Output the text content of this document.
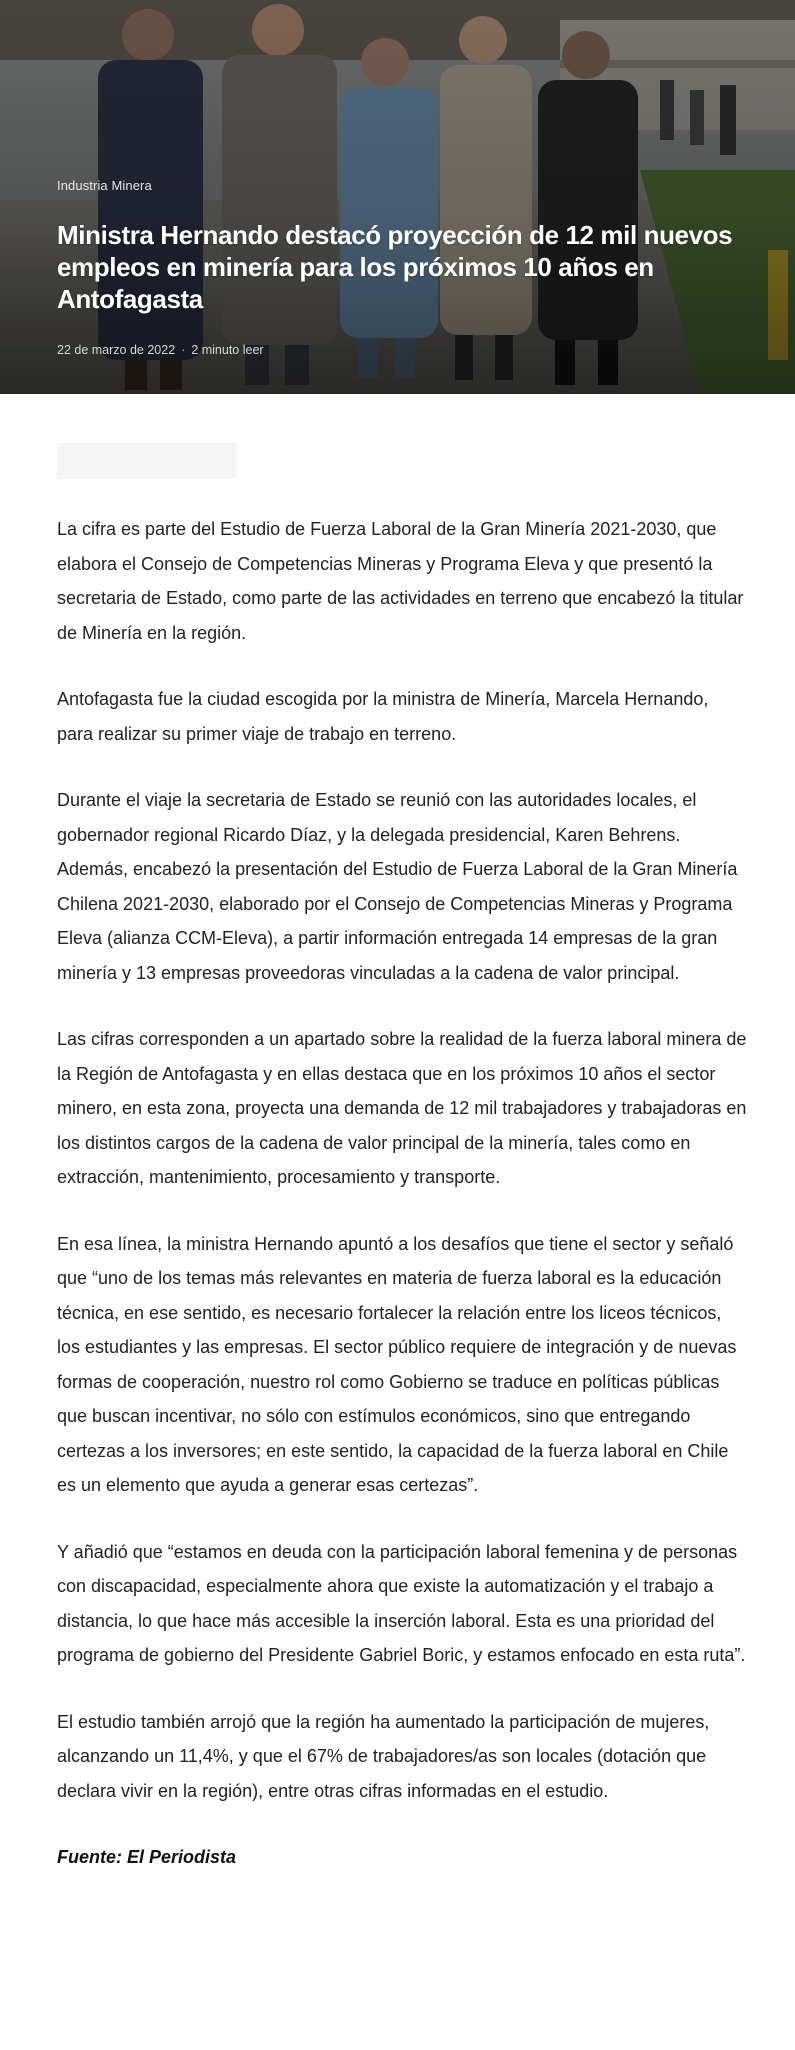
Industria Minera
Ministra Hernando destacó proyección de 12 mil nuevos empleos en minería para los próximos 10 años en Antofagasta
22 de marzo de 2022 · 2 minuto leer

La cifra es parte del Estudio de Fuerza Laboral de la Gran Minería 2021-2030, que elabora el Consejo de Competencias Mineras y Programa Eleva y que presentó la secretaria de Estado, como parte de las actividades en terreno que encabezó la titular de Minería en la región.

Antofagasta fue la ciudad escogida por la ministra de Minería, Marcela Hernando, para realizar su primer viaje de trabajo en terreno.

Durante el viaje la secretaria de Estado se reunió con las autoridades locales, el gobernador regional Ricardo Díaz, y la delegada presidencial, Karen Behrens. Además, encabezó la presentación del Estudio de Fuerza Laboral de la Gran Minería Chilena 2021-2030, elaborado por el Consejo de Competencias Mineras y Programa Eleva (alianza CCM-Eleva), a partir información entregada 14 empresas de la gran minería y 13 empresas proveedoras vinculadas a la cadena de valor principal.

Las cifras corresponden a un apartado sobre la realidad de la fuerza laboral minera de la Región de Antofagasta y en ellas destaca que en los próximos 10 años el sector minero, en esta zona, proyecta una demanda de 12 mil trabajadores y trabajadoras en los distintos cargos de la cadena de valor principal de la minería, tales como en extracción, mantenimiento, procesamiento y transporte.

En esa línea, la ministra Hernando apuntó a los desafíos que tiene el sector y señaló que “uno de los temas más relevantes en materia de fuerza laboral es la educación técnica, en ese sentido, es necesario fortalecer la relación entre los liceos técnicos, los estudiantes y las empresas. El sector público requiere de integración y de nuevas formas de cooperación, nuestro rol como Gobierno se traduce en políticas públicas que buscan incentivar, no sólo con estímulos económicos, sino que entregando certezas a los inversores; en este sentido, la capacidad de la fuerza laboral en Chile es un elemento que ayuda a generar esas certezas”.

Y añadió que “estamos en deuda con la participación laboral femenina y de personas con discapacidad, especialmente ahora que existe la automatización y el trabajo a distancia, lo que hace más accesible la inserción laboral. Esta es una prioridad del programa de gobierno del Presidente Gabriel Boric, y estamos enfocado en esta ruta”.

El estudio también arrojó que la región ha aumentado la participación de mujeres, alcanzando un 11,4%, y que el 67% de trabajadores/as son locales (dotación que declara vivir en la región), entre otras cifras informadas en el estudio.

Fuente: El Periodista
